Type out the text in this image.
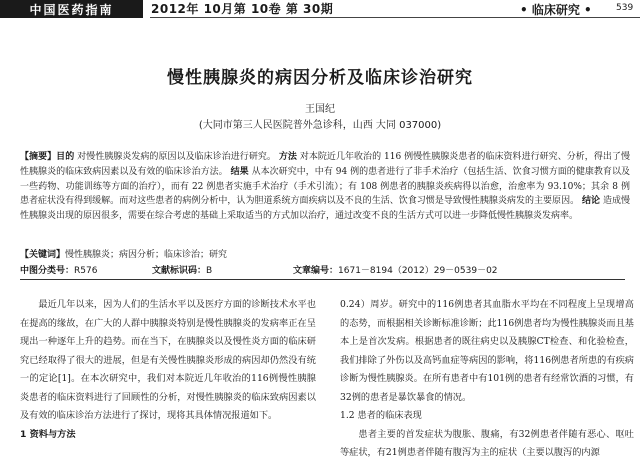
中国医药指南	2012年 10月第 10卷 第 30期	• 临床研究 •	539
慢性胰腺炎的病因分析及临床诊治研究
王国纪
(大同市第三人民医院普外急诊科，山西 大同 037000)
【摘要】目的 对慢性胰腺炎发病的原因以及临床诊治进行研究。 方法 对本院近几年收治的 116 例慢性胰腺炎患者的临床资料进行研究、分析，得出了慢性胰腺炎的临床致病因素以及有效的临床诊治方法。 结果 从本次研究中，中有 94 例的患者进行了非手术治疗（包括生活、饮食习惯方面的健康教育以及一些药物、功能训练等方面的治疗），而有 22 例患者实施手术治疗（手术引流）；有 108 例患者的胰腺炎疾病得以治愈，治愈率为 93.10%；其余 8 例患者症状没有得到缓解。而对这些患者的病例分析中，认为胆道系统方面疾病以及不良的生活、饮食习惯是导致慢性胰腺炎病发的主要原因。 结论 造成慢性胰腺炎出现的原因很多，需要在综合考虑的基础上采取适当的方式加以治疗，通过改变不良的生活方式可以进一步降低慢性胰腺炎发病率。
【关键词】慢性胰腺炎；病因分析；临床诊治；研究
中图分类号：R576	文献标识码：B	文章编号：1671－8194（2012）29－0539－02

最近几年以来，因为人们的生活水平以及医疗方面的诊断技术水平也在提高的缘故，在广大的人群中胰腺炎特别是慢性胰腺炎的发病率正在呈现出一种逐年上升的趋势。而在当下，在胰腺炎以及慢性炎方面的临床研究已经取得了很大的进展，但是有关慢性胰腺炎形成的病因却仍然没有统一的定论[1]。在本次研究中，我们对本院近几年收治的116例慢性胰腺炎患者的临床资料进行了回顾性的分析，对慢性胰腺炎的临床致病因素以及有效的临床诊治方法进行了探讨，现将其具体情况报道如下。

1 资料与方法

0.24）周岁。研究中的116例患者其血脂水平均在不同程度上呈现增高的态势，而根据相关诊断标准诊断；此116例患者均为慢性胰腺炎而且基本上是首次发病。根据患者的既往病史以及胰腺CT检查、和化验检查，我们排除了外伤以及高钙血症等病因的影响，将116例患者所患的有疾病诊断为慢性胰腺炎。在所有患者中有101例的患者有经常饮酒的习惯，有32例的患者是暴饮暴食的情况。

1.2 患者的临床表现

患者主要的首发症状为腹胀、腹痛，有32例患者伴随有恶心、呕吐等症状，有21例患者伴随有腹泻为主的症状（主要以腹泻的内源
